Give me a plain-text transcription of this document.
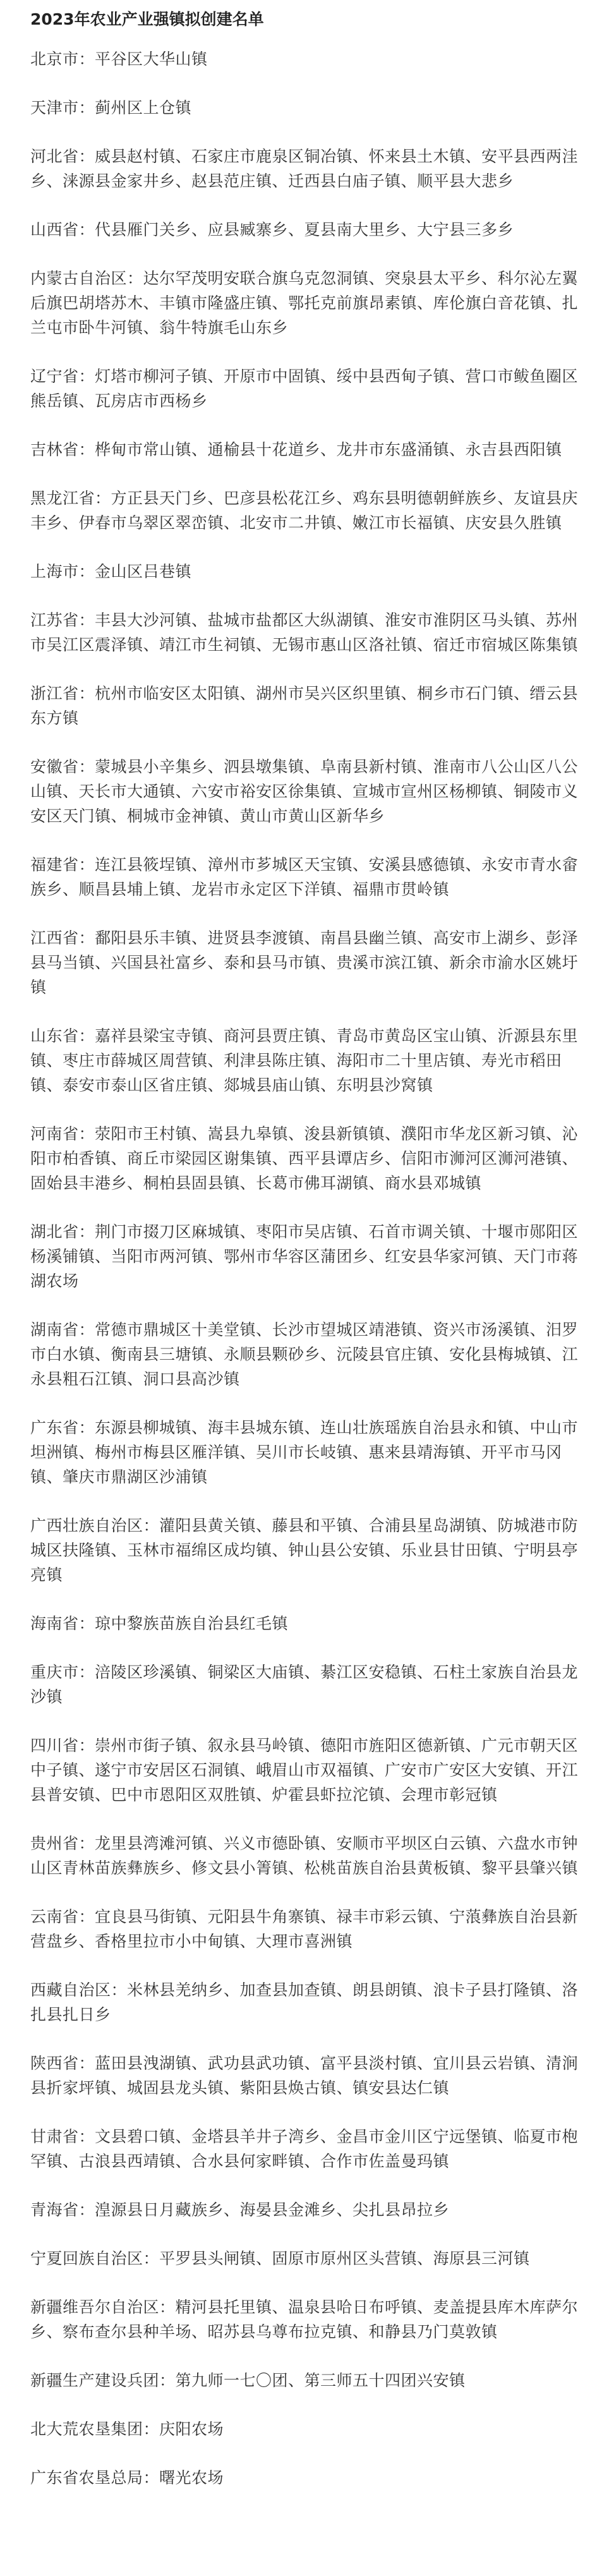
2023年农业产业强镇拟创建名单
北京市：平谷区大华山镇
天津市：蓟州区上仓镇
河北省：威县赵村镇、石家庄市鹿泉区铜冶镇、怀来县土木镇、安平县西两洼乡、涞源县金家井乡、赵县范庄镇、迁西县白庙子镇、顺平县大悲乡
山西省：代县雁门关乡、应县臧寨乡、夏县南大里乡、大宁县三多乡
内蒙古自治区：达尔罕茂明安联合旗乌克忽洞镇、突泉县太平乡、科尔沁左翼后旗巴胡塔苏木、丰镇市隆盛庄镇、鄂托克前旗昂素镇、库伦旗白音花镇、扎兰屯市卧牛河镇、翁牛特旗毛山东乡
辽宁省：灯塔市柳河子镇、开原市中固镇、绥中县西甸子镇、营口市鲅鱼圈区熊岳镇、瓦房店市西杨乡
吉林省：桦甸市常山镇、通榆县十花道乡、龙井市东盛涌镇、永吉县西阳镇
黑龙江省：方正县天门乡、巴彦县松花江乡、鸡东县明德朝鲜族乡、友谊县庆丰乡、伊春市乌翠区翠峦镇、北安市二井镇、嫩江市长福镇、庆安县久胜镇
上海市：金山区吕巷镇
江苏省：丰县大沙河镇、盐城市盐都区大纵湖镇、淮安市淮阴区马头镇、苏州市吴江区震泽镇、靖江市生祠镇、无锡市惠山区洛社镇、宿迁市宿城区陈集镇
浙江省：杭州市临安区太阳镇、湖州市吴兴区织里镇、桐乡市石门镇、缙云县东方镇
安徽省：蒙城县小辛集乡、泗县墩集镇、阜南县新村镇、淮南市八公山区八公山镇、天长市大通镇、六安市裕安区徐集镇、宣城市宣州区杨柳镇、铜陵市义安区天门镇、桐城市金神镇、黄山市黄山区新华乡
福建省：连江县筱埕镇、漳州市芗城区天宝镇、安溪县感德镇、永安市青水畲族乡、顺昌县埔上镇、龙岩市永定区下洋镇、福鼎市贯岭镇
江西省：鄱阳县乐丰镇、进贤县李渡镇、南昌县幽兰镇、高安市上湖乡、彭泽县马当镇、兴国县社富乡、泰和县马市镇、贵溪市滨江镇、新余市渝水区姚圩镇
山东省：嘉祥县梁宝寺镇、商河县贾庄镇、青岛市黄岛区宝山镇、沂源县东里镇、枣庄市薛城区周营镇、利津县陈庄镇、海阳市二十里店镇、寿光市稻田镇、泰安市泰山区省庄镇、郯城县庙山镇、东明县沙窝镇
河南省：荥阳市王村镇、嵩县九皋镇、浚县新镇镇、濮阳市华龙区新习镇、沁阳市柏香镇、商丘市梁园区谢集镇、西平县谭店乡、信阳市浉河区浉河港镇、固始县丰港乡、桐柏县固县镇、长葛市佛耳湖镇、商水县邓城镇
湖北省：荆门市掇刀区麻城镇、枣阳市吴店镇、石首市调关镇、十堰市郧阳区杨溪铺镇、当阳市两河镇、鄂州市华容区蒲团乡、红安县华家河镇、天门市蒋湖农场
湖南省：常德市鼎城区十美堂镇、长沙市望城区靖港镇、资兴市汤溪镇、汨罗市白水镇、衡南县三塘镇、永顺县颗砂乡、沅陵县官庄镇、安化县梅城镇、江永县粗石江镇、洞口县高沙镇
广东省：东源县柳城镇、海丰县城东镇、连山壮族瑶族自治县永和镇、中山市坦洲镇、梅州市梅县区雁洋镇、吴川市长岐镇、惠来县靖海镇、开平市马冈镇、肇庆市鼎湖区沙浦镇
广西壮族自治区：灌阳县黄关镇、藤县和平镇、合浦县星岛湖镇、防城港市防城区扶隆镇、玉林市福绵区成均镇、钟山县公安镇、乐业县甘田镇、宁明县亭亮镇
海南省：琼中黎族苗族自治县红毛镇
重庆市：涪陵区珍溪镇、铜梁区大庙镇、綦江区安稳镇、石柱土家族自治县龙沙镇
四川省：崇州市街子镇、叙永县马岭镇、德阳市旌阳区德新镇、广元市朝天区中子镇、遂宁市安居区石洞镇、峨眉山市双福镇、广安市广安区大安镇、开江县普安镇、巴中市恩阳区双胜镇、炉霍县虾拉沱镇、会理市彰冠镇
贵州省：龙里县湾滩河镇、兴义市德卧镇、安顺市平坝区白云镇、六盘水市钟山区青林苗族彝族乡、修文县小箐镇、松桃苗族自治县黄板镇、黎平县肇兴镇
云南省：宜良县马街镇、元阳县牛角寨镇、禄丰市彩云镇、宁蒗彝族自治县新营盘乡、香格里拉市小中甸镇、大理市喜洲镇
西藏自治区：米林县羌纳乡、加查县加查镇、朗县朗镇、浪卡子县打隆镇、洛扎县扎日乡
陕西省：蓝田县洩湖镇、武功县武功镇、富平县淡村镇、宜川县云岩镇、清涧县折家坪镇、城固县龙头镇、紫阳县焕古镇、镇安县达仁镇
甘肃省：文县碧口镇、金塔县羊井子湾乡、金昌市金川区宁远堡镇、临夏市枹罕镇、古浪县西靖镇、合水县何家畔镇、合作市佐盖曼玛镇
青海省：湟源县日月藏族乡、海晏县金滩乡、尖扎县昂拉乡
宁夏回族自治区：平罗县头闸镇、固原市原州区头营镇、海原县三河镇
新疆维吾尔自治区：精河县托里镇、温泉县哈日布呼镇、麦盖提县库木库萨尔乡、察布查尔县种羊场、昭苏县乌尊布拉克镇、和静县乃门莫敦镇
新疆生产建设兵团：第九师一七〇团、第三师五十四团兴安镇
北大荒农垦集团：庆阳农场
广东省农垦总局：曙光农场
